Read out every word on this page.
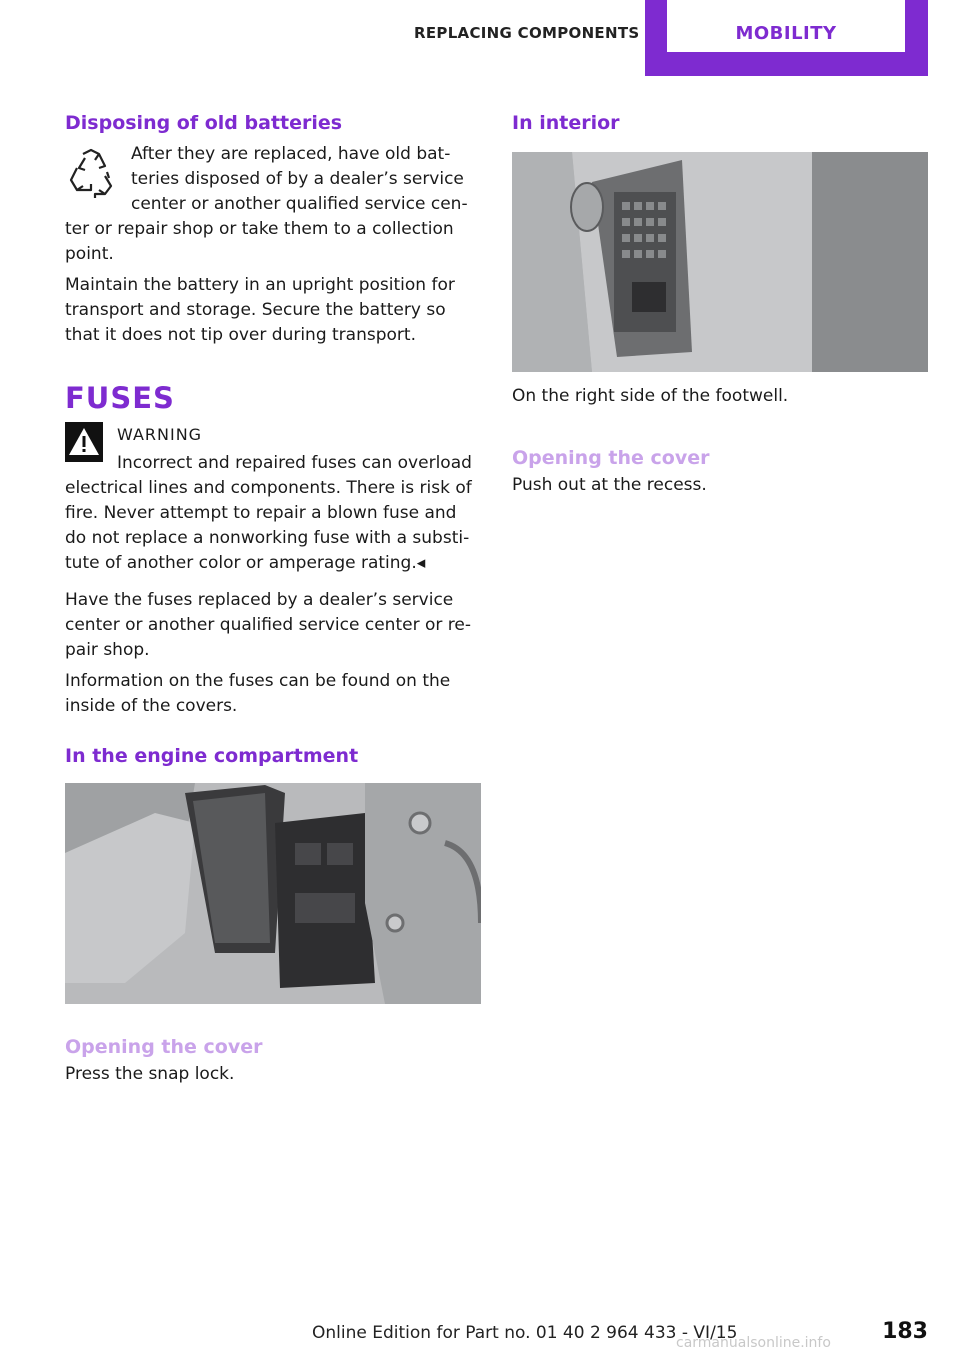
REPLACING COMPONENTS	MOBILITY
Disposing of old batteries

After they are replaced, have old batteries disposed of by a dealer’s service center or another qualified service center or repair shop or take them to a collection point.

Maintain the battery in an upright position for transport and storage. Secure the battery so that it does not tip over during transport.

FUSES
WARNING

Incorrect and repaired fuses can overload electrical lines and components. There is risk of fire. Never attempt to repair a blown fuse and do not replace a nonworking fuse with a substitute of another color or amperage rating.◂

Have the fuses replaced by a dealer’s service center or another qualified service center or repair shop.

Information on the fuses can be found on the inside of the covers.

In the engine compartment
Opening the cover

Press the snap lock.

In interior

On the right side of the footwell.

Opening the cover

Push out at the recess.

Online Edition for Part no. 01 40 2 964 433 - VI/15
carmanualsonline.info 183
